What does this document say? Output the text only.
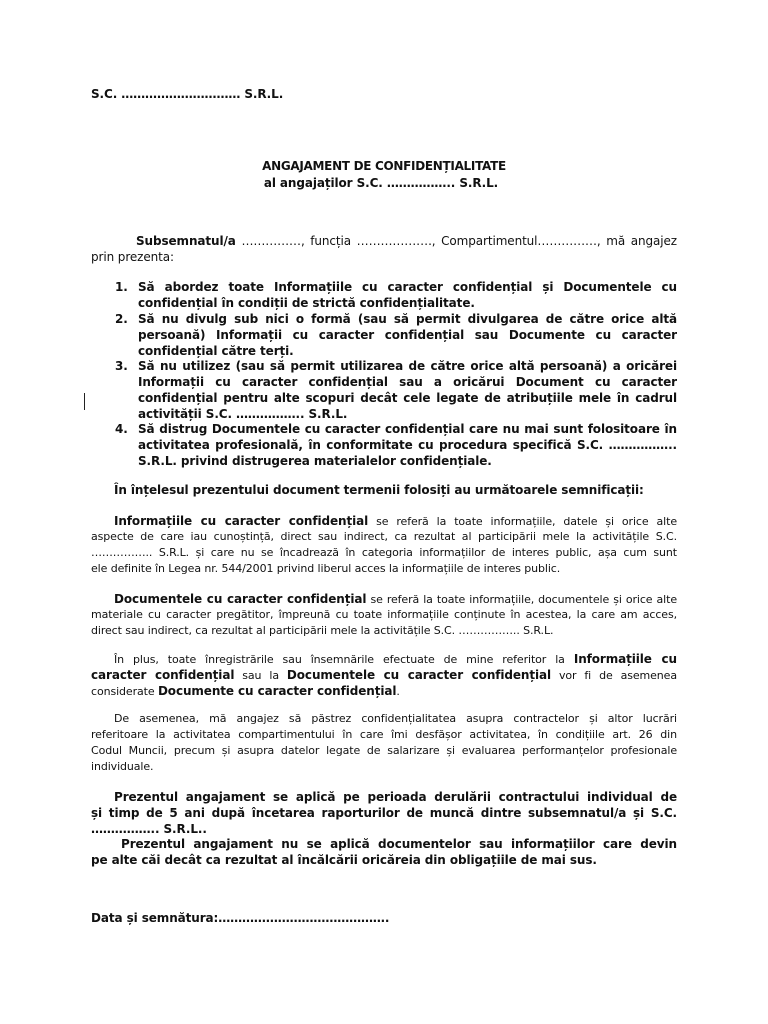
S.C. ………………………… S.R.L.
ANGAJAMENT DE CONFIDENȚIALITATE
al angajaților S.C. …………….. S.R.L.
Subsemnatul/a ……………, funcția ………………., Compartimentul……………, mă angajez
prin prezenta:
1. Să abordez toate Informațiile cu caracter confidențial și Documentele cu
confidențial în condiții de strictă confidențialitate.
2. Să nu divulg sub nici o formă (sau să permit divulgarea de către orice altă
persoană) Informații cu caracter confidențial sau Documente cu caracter
confidențial către terți.
3. Să nu utilizez (sau să permit utilizarea de către orice altă persoană) a oricărei
Informații cu caracter confidențial sau a oricărui Document cu caracter
confidențial pentru alte scopuri decât cele legate de atribuțiile mele în cadrul
activității S.C. …………….. S.R.L.
4. Să distrug Documentele cu caracter confidențial care nu mai sunt folositoare în
activitatea profesională, în conformitate cu procedura specifică S.C. ……………..
S.R.L. privind distrugerea materialelor confidențiale.
În înțelesul prezentului document termenii folosiți au următoarele semnificații:
Informațiile cu caracter confidențial se referă la toate informațiile, datele și orice alte
aspecte de care iau cunoștință, direct sau indirect, ca rezultat al participării mele la activitățile S.C.
…………….. S.R.L. și care nu se încadrează în categoria informațiilor de interes public, așa cum sunt
ele definite în Legea nr. 544/2001 privind liberul acces la informațiile de interes public.
Documentele cu caracter confidențial se referă la toate informațiile, documentele și orice alte
materiale cu caracter pregătitor, împreună cu toate informațiile conținute în acestea, la care am acces,
direct sau indirect, ca rezultat al participării mele la activitățile S.C. …………….. S.R.L.
În plus, toate înregistrările sau însemnările efectuate de mine referitor la Informațiile cu
caracter confidențial sau la Documentele cu caracter confidențial vor fi de asemenea
considerate Documente cu caracter confidențial.
De asemenea, mă angajez să păstrez confidențialitatea asupra contractelor și altor lucrări
referitoare la activitatea compartimentului în care îmi desfășor activitatea, în condițiile art. 26 din
Codul Muncii, precum și asupra datelor legate de salarizare și evaluarea performanțelor profesionale
individuale.
Prezentul angajament se aplică pe perioada derulării contractului individual de
și timp de 5 ani după încetarea raporturilor de muncă dintre subsemnatul/a și S.C.
…………….. S.R.L..
Prezentul angajament nu se aplică documentelor sau informațiilor care devin
pe alte căi decât ca rezultat al încălcării oricăreia din obligațiile de mai sus.
Data și semnătura:…………………………………….
